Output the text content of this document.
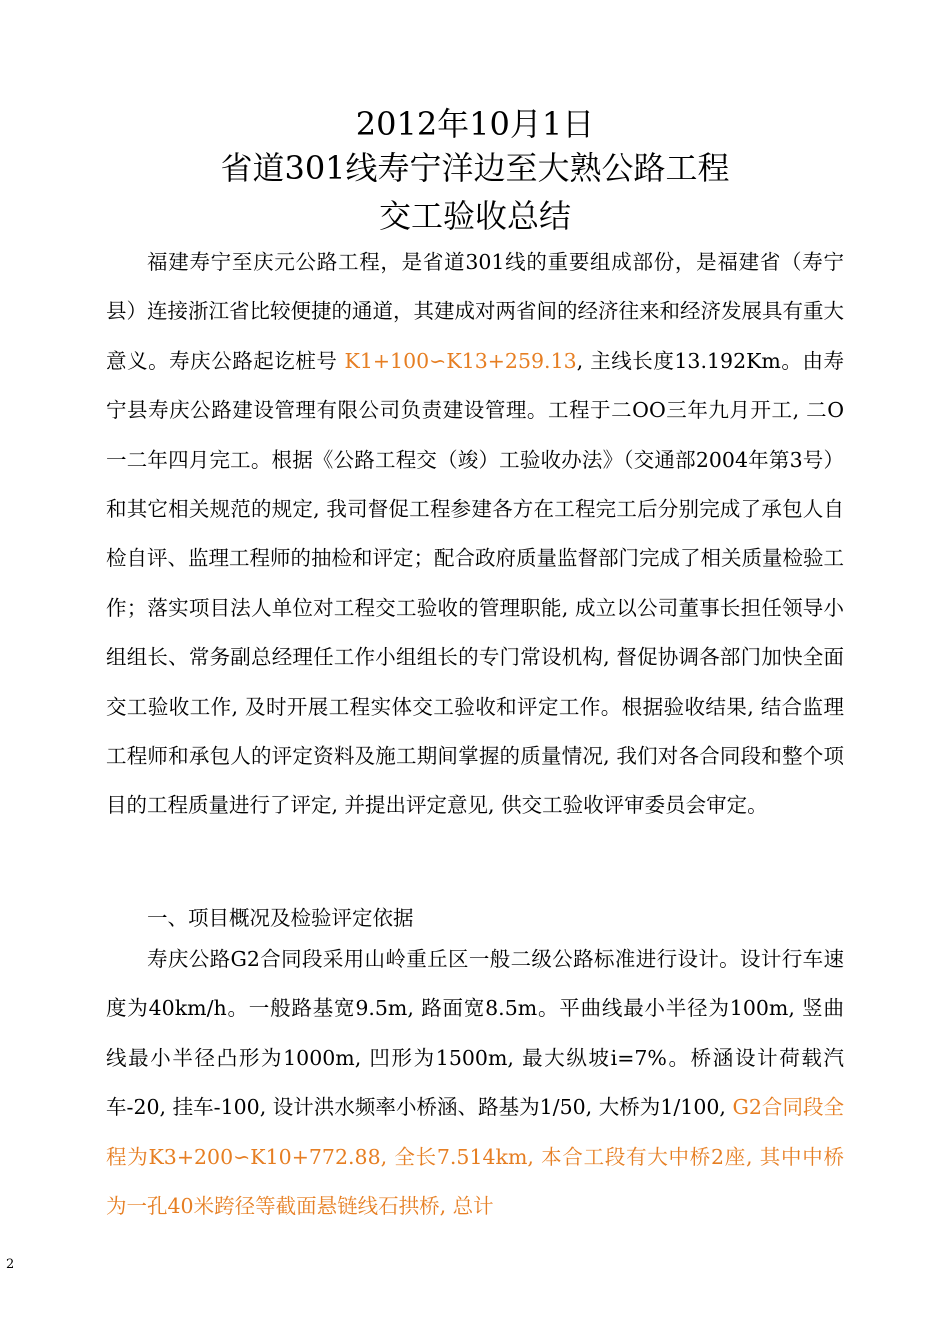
2012年10月1日
省道301线寿宁洋边至大熟公路工程
交工验收总结

福建寿宁至庆元公路工程，是省道301线的重要组成部份，是福建省（寿宁县）连接浙江省比较便捷的通道，其建成对两省间的经济往来和经济发展具有重大意义。寿庆公路起讫桩号 K1+100∽K13+259.13, 主线长度13.192Km。由寿宁县寿庆公路建设管理有限公司负责建设管理。工程于二OO三年九月开工, 二O一二年四月完工。根据《公路工程交（竣）工验收办法》（交通部2004年第3号）和其它相关规范的规定, 我司督促工程参建各方在工程完工后分别完成了承包人自检自评、监理工程师的抽检和评定；配合政府质量监督部门完成了相关质量检验工作；落实项目法人单位对工程交工验收的管理职能, 成立以公司董事长担任领导小组组长、常务副总经理任工作小组组长的专门常设机构, 督促协调各部门加快全面交工验收工作, 及时开展工程实体交工验收和评定工作。根据验收结果, 结合监理工程师和承包人的评定资料及施工期间掌握的质量情况, 我们对各合同段和整个项目的工程质量进行了评定, 并提出评定意见, 供交工验收评审委员会审定。

一、项目概况及检验评定依据

寿庆公路G2合同段采用山岭重丘区一般二级公路标准进行设计。设计行车速度为40km/h。一般路基宽9.5m, 路面宽8.5m。平曲线最小半径为100m, 竖曲线最小半径凸形为1000m, 凹形为1500m, 最大纵坡i=7%。桥涵设计荷载汽车-20, 挂车-100, 设计洪水频率小桥涵、路基为1/50, 大桥为1/100, G2合同段全程为K3+200∽K10+772.88, 全长7.514km, 本合工段有大中桥2座, 其中中桥为一孔40米跨径等截面悬链线石拱桥, 总计

2
